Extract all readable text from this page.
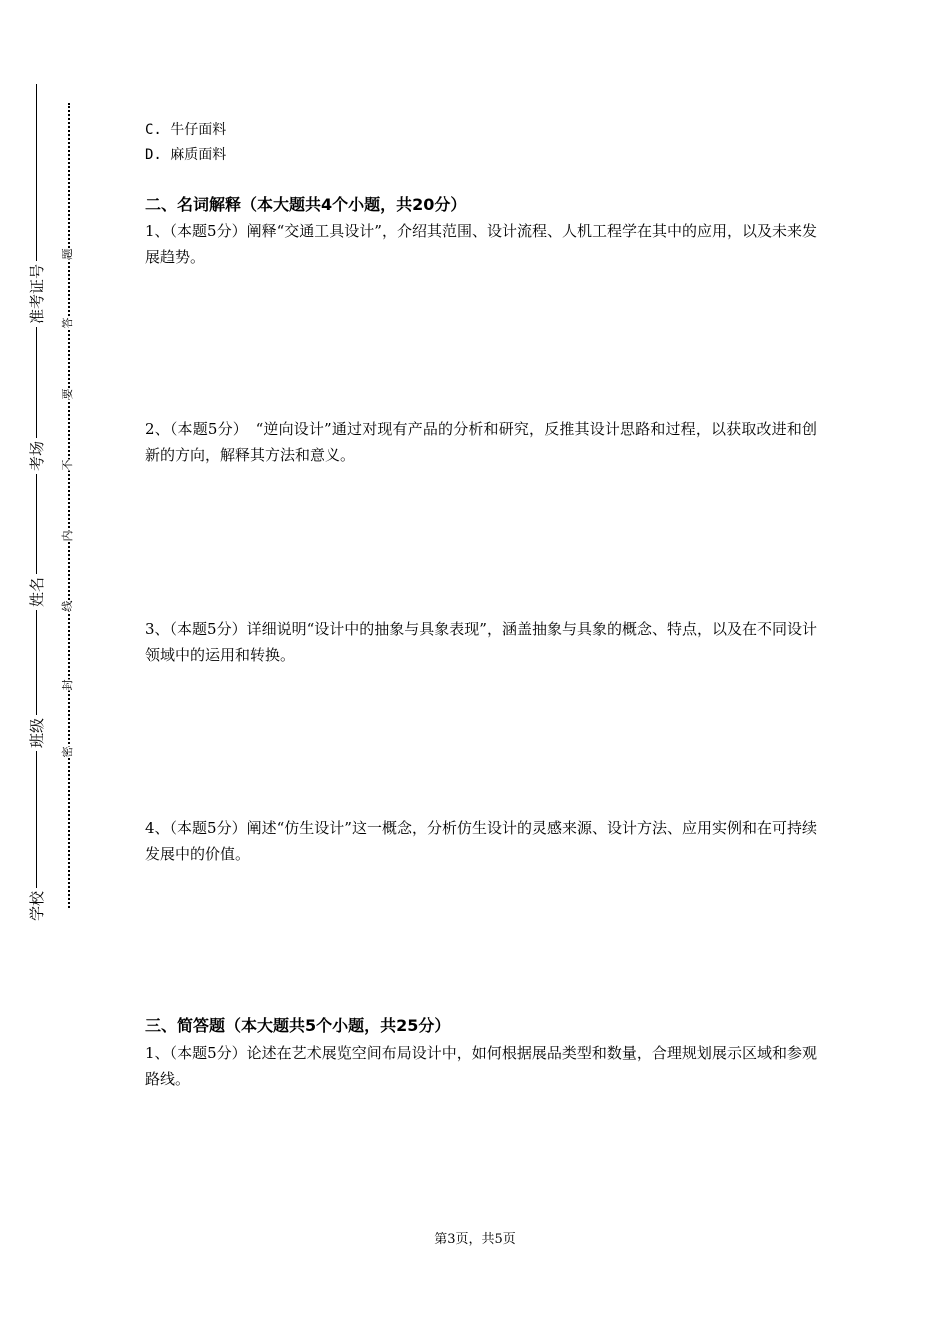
准考证号
考场
姓名
班级
学校
题
答
要
不
内
线
封
密
C. 牛仔面料
D. 麻质面料
二、名词解释（本大题共4个小题，共20分）
1、（本题5分）阐释“交通工具设计”，介绍其范围、设计流程、人机工程学在其中的应用，以及未来发展趋势。
2、（本题5分）　“逆向设计”通过对现有产品的分析和研究，反推其设计思路和过程，以获取改进和创新的方向，解释其方法和意义。
3、（本题5分）详细说明“设计中的抽象与具象表现”，涵盖抽象与具象的概念、特点，以及在不同设计领域中的运用和转换。
4、（本题5分）阐述“仿生设计”这一概念，分析仿生设计的灵感来源、设计方法、应用实例和在可持续发展中的价值。
三、简答题（本大题共5个小题，共25分）
1、（本题5分）论述在艺术展览空间布局设计中，如何根据展品类型和数量，合理规划展示区域和参观路线。
第3页，共5页
